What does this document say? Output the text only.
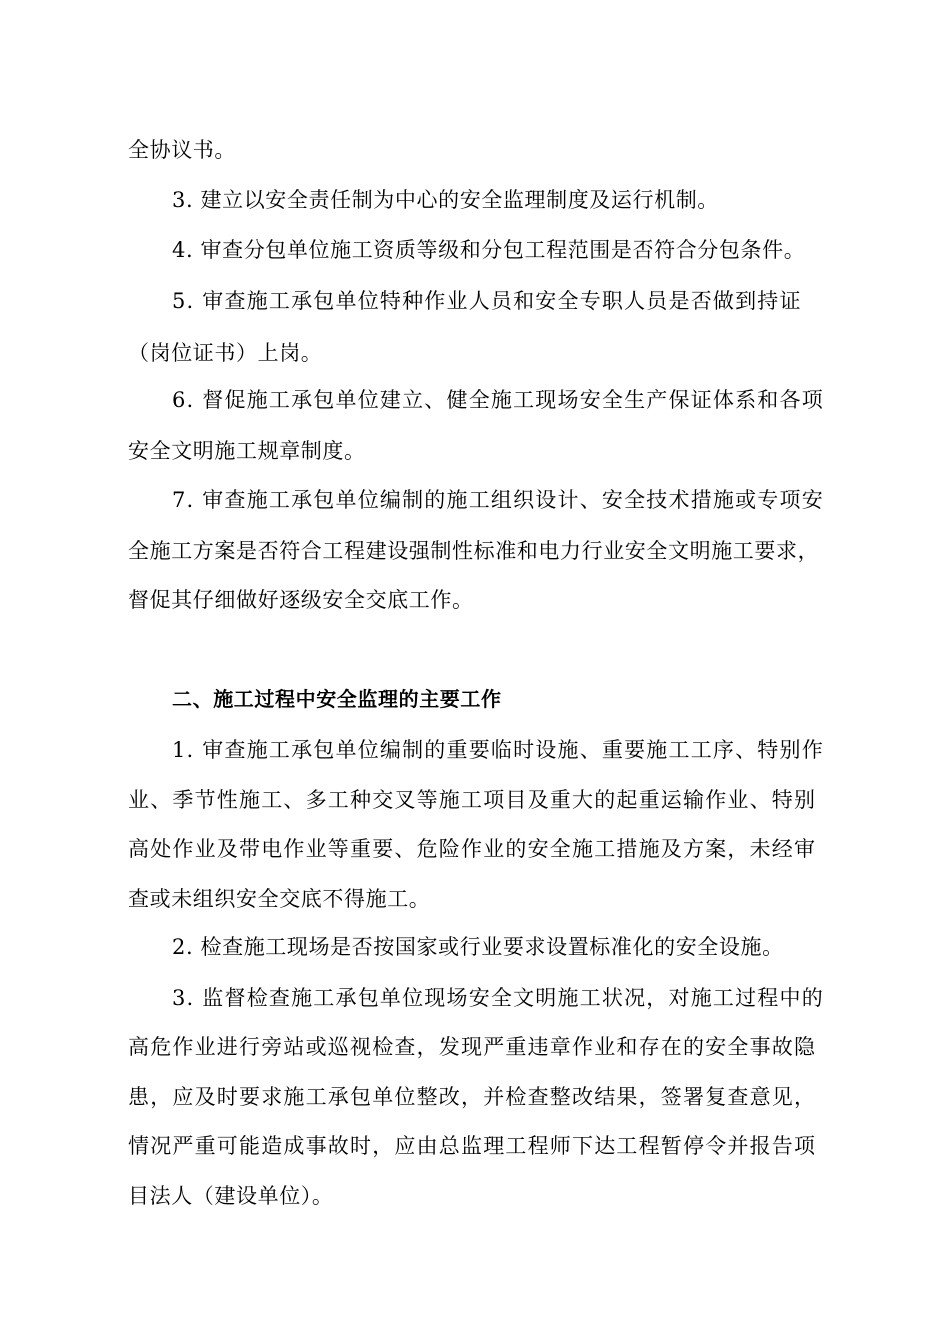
全协议书。
3. 建立以安全责任制为中心的安全监理制度及运行机制。
4. 审查分包单位施工资质等级和分包工程范围是否符合分包条件。
5. 审查施工承包单位特种作业人员和安全专职人员是否做到持证
（岗位证书）上岗。
6. 督促施工承包单位建立、健全施工现场安全生产保证体系和各项
安全文明施工规章制度。
7. 审查施工承包单位编制的施工组织设计、安全技术措施或专项安
全施工方案是否符合工程建设强制性标准和电力行业安全文明施工要求，
督促其仔细做好逐级安全交底工作。
二、施工过程中安全监理的主要工作
1. 审查施工承包单位编制的重要临时设施、重要施工工序、特别作
业、季节性施工、多工种交叉等施工项目及重大的起重运输作业、特别
高处作业及带电作业等重要、危险作业的安全施工措施及方案，未经审
查或未组织安全交底不得施工。
2. 检查施工现场是否按国家或行业要求设置标准化的安全设施。
3. 监督检查施工承包单位现场安全文明施工状况，对施工过程中的
高危作业进行旁站或巡视检查，发现严重违章作业和存在的安全事故隐
患，应及时要求施工承包单位整改，并检查整改结果，签署复查意见，
情况严重可能造成事故时，应由总监理工程师下达工程暂停令并报告项
目法人（建设单位）。
